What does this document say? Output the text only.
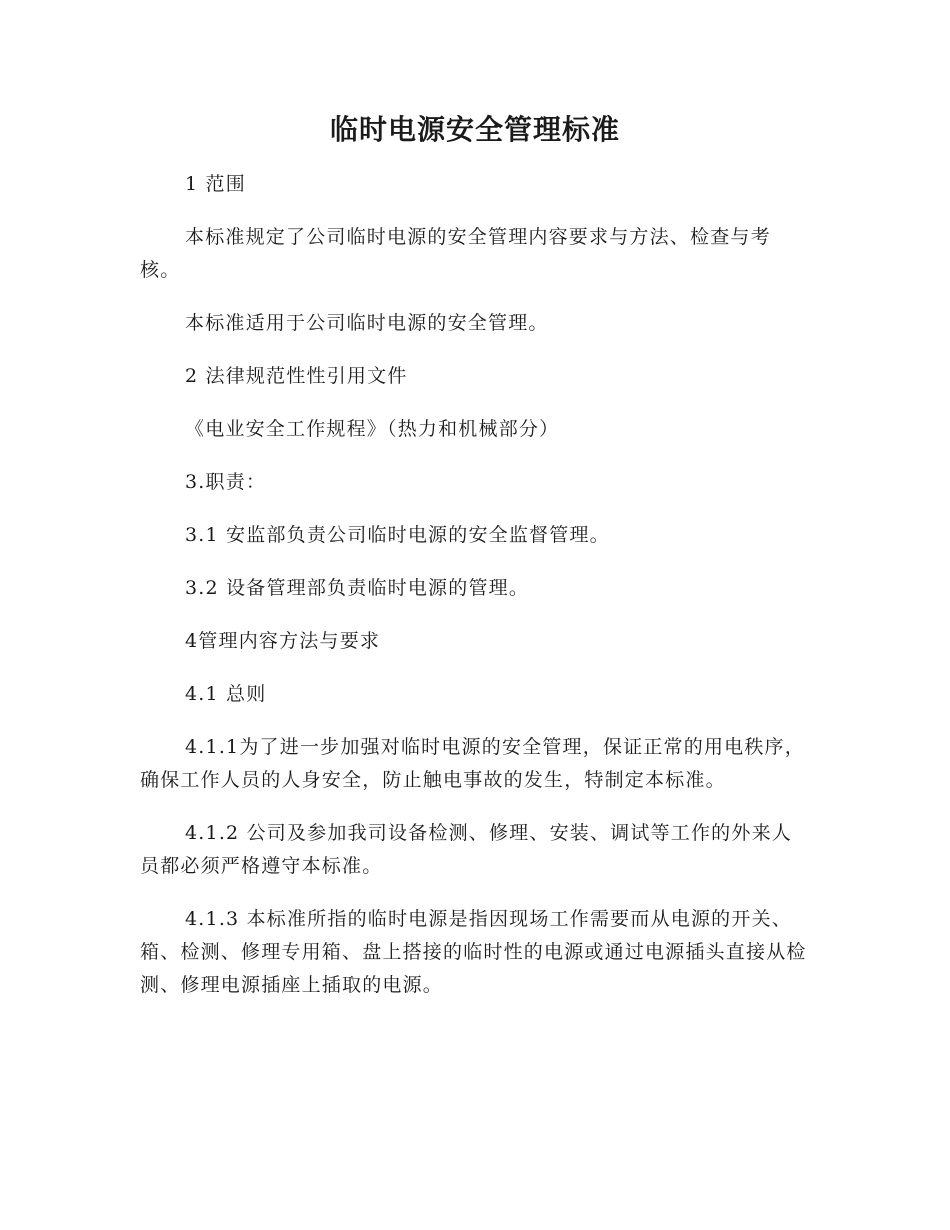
临时电源安全管理标准

1 范围

本标准规定了公司临时电源的安全管理内容要求与方法、检查与考核。

本标准适用于公司临时电源的安全管理。

2 法律规范性性引用文件

《电业安全工作规程》（热力和机械部分）

3.职责：

3.1 安监部负责公司临时电源的安全监督管理。

3.2 设备管理部负责临时电源的管理。

4管理内容方法与要求

4.1 总则

4.1.1为了进一步加强对临时电源的安全管理，保证正常的用电秩序，确保工作人员的人身安全，防止触电事故的发生，特制定本标准。

4.1.2 公司及参加我司设备检测、修理、安装、调试等工作的外来人员都必须严格遵守本标准。

4.1.3 本标准所指的临时电源是指因现场工作需要而从电源的开关、箱、检测、修理专用箱、盘上搭接的临时性的电源或通过电源插头直接从检测、修理电源插座上插取的电源。
